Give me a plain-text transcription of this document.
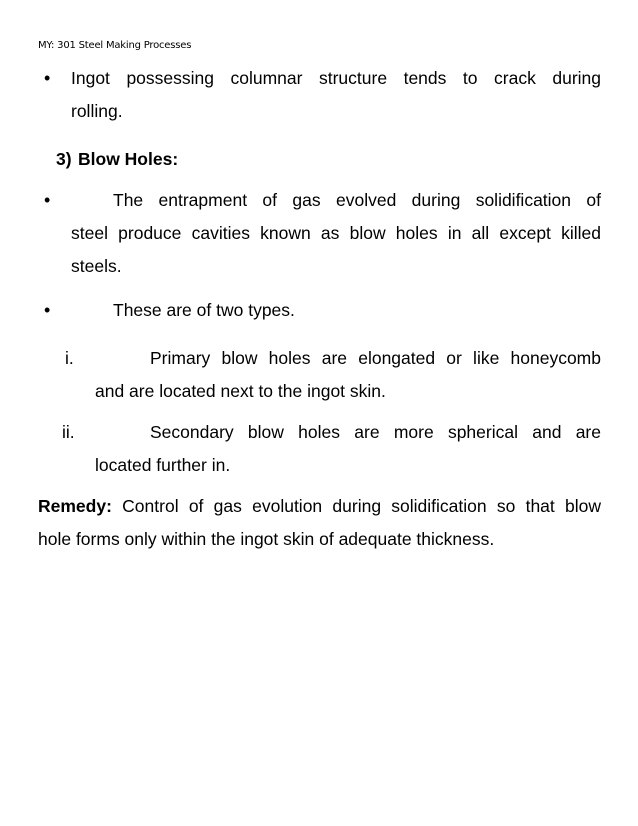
MY: 301 Steel Making Processes
• Ingot possessing columnar structure tends to crack during
rolling.
3) Blow Holes:
•	The entrapment of gas evolved during solidification of
steel produce cavities known as blow holes in all except killed
steels.
•	These are of two types.
i.	Primary blow holes are elongated or like honeycomb
and are located next to the ingot skin.
ii.	Secondary blow holes are more spherical and are
located further in.
Remedy: Control of gas evolution during solidification so that blow
hole forms only within the ingot skin of adequate thickness.
